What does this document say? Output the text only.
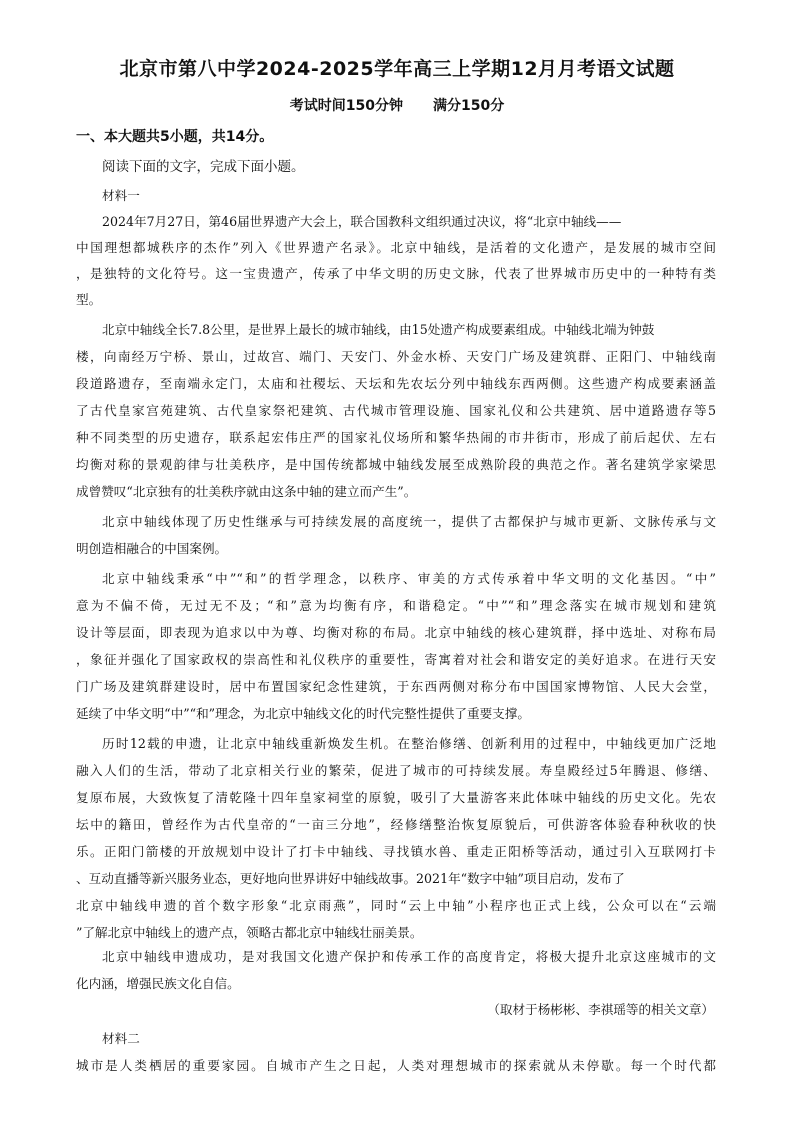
北京市第八中学2024-2025学年高三上学期12月月考语文试题
考试时间150分钟 满分150分
一、本大题共5小题，共14分。
阅读下面的文字，完成下面小题。
材料一
2024年7月27日，第46届世界遗产大会上，联合国教科文组织通过决议，将“北京中轴线——
中国理想都城秩序的杰作”列入《世界遗产名录》。北京中轴线，是活着的文化遗产，是发展的城市空间
，是独特的文化符号。这一宝贵遗产，传承了中华文明的历史文脉，代表了世界城市历史中的一种特有类
型。
北京中轴线全长7.8公里，是世界上最长的城市轴线，由15处遗产构成要素组成。中轴线北端为钟鼓
楼，向南经万宁桥、景山，过故宫、端门、天安门、外金水桥、天安门广场及建筑群、正阳门、中轴线南
段道路遗存，至南端永定门，太庙和社稷坛、天坛和先农坛分列中轴线东西两侧。这些遗产构成要素涵盖
了古代皇家宫苑建筑、古代皇家祭祀建筑、古代城市管理设施、国家礼仪和公共建筑、居中道路遗存等5
种不同类型的历史遗存，联系起宏伟庄严的国家礼仪场所和繁华热闹的市井街市，形成了前后起伏、左右
均衡对称的景观韵律与壮美秩序，是中国传统都城中轴线发展至成熟阶段的典范之作。著名建筑学家梁思
成曾赞叹“北京独有的壮美秩序就由这条中轴的建立而产生”。
北京中轴线体现了历史性继承与可持续发展的高度统一，提供了古都保护与城市更新、文脉传承与文
明创造相融合的中国案例。
北京中轴线秉承“中”“和”的哲学理念，以秩序、审美的方式传承着中华文明的文化基因。“中”
意为不偏不倚，无过无不及；“和”意为均衡有序，和谐稳定。“中”“和”理念落实在城市规划和建筑
设计等层面，即表现为追求以中为尊、均衡对称的布局。北京中轴线的核心建筑群，择中选址、对称布局
，象征并强化了国家政权的崇高性和礼仪秩序的重要性，寄寓着对社会和谐安定的美好追求。在进行天安
门广场及建筑群建设时，居中布置国家纪念性建筑，于东西两侧对称分布中国国家博物馆、人民大会堂，
延续了中华文明“中”“和”理念，为北京中轴线文化的时代完整性提供了重要支撑。
历时12载的申遗，让北京中轴线重新焕发生机。在整治修缮、创新利用的过程中，中轴线更加广泛地
融入人们的生活，带动了北京相关行业的繁荣，促进了城市的可持续发展。寿皇殿经过5年腾退、修缮、
复原布展，大致恢复了清乾隆十四年皇家祠堂的原貌，吸引了大量游客来此体味中轴线的历史文化。先农
坛中的籍田，曾经作为古代皇帝的“一亩三分地”，经修缮整治恢复原貌后，可供游客体验春种秋收的快
乐。正阳门箭楼的开放规划中设计了打卡中轴线、寻找镇水兽、重走正阳桥等活动，通过引入互联网打卡
、互动直播等新兴服务业态，更好地向世界讲好中轴线故事。2021年“数字中轴”项目启动，发布了
北京中轴线申遗的首个数字形象“北京雨燕”，同时“云上中轴”小程序也正式上线，公众可以在“云端
”了解北京中轴线上的遗产点，领略古都北京中轴线壮丽美景。
北京中轴线申遗成功，是对我国文化遗产保护和传承工作的高度肯定，将极大提升北京这座城市的文
化内涵，增强民族文化自信。
（取材于杨彬彬、李祺瑶等的相关文章）
材料二
城市是人类栖居的重要家园。自城市产生之日起，人类对理想城市的探索就从未停歇。每一个时代都
